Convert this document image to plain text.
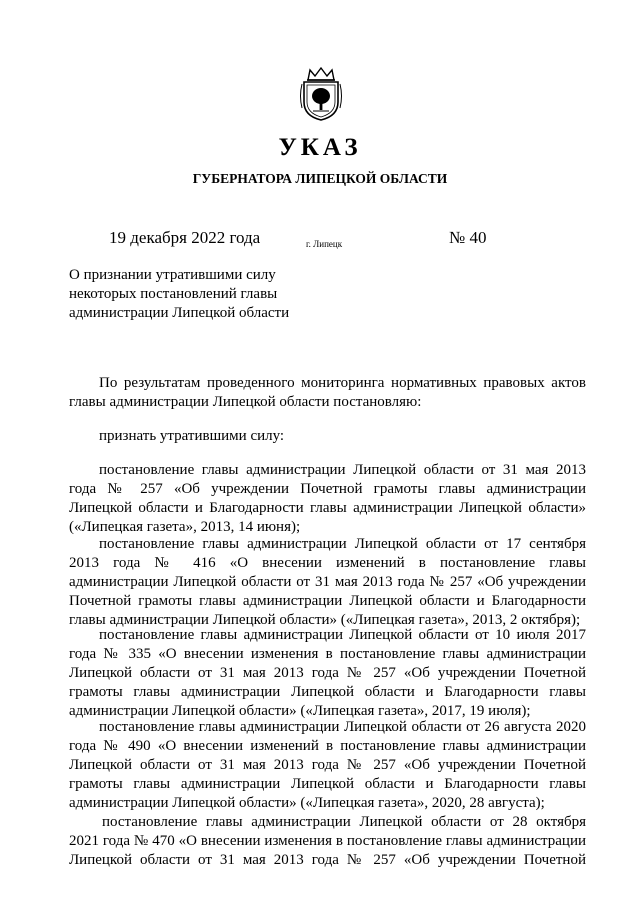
УКАЗ
ГУБЕРНАТОРА ЛИПЕЦКОЙ ОБЛАСТИ
19 декабря 2022 года	г. Липецк	№ 40
О признании утратившими силу
некоторых постановлений главы
администрации Липецкой области
По результатам проведенного мониторинга нормативных правовых актов
главы администрации Липецкой области постановляю:
признать утратившими силу:
постановление главы администрации Липецкой области от 31 мая 2013
года № 257 «Об учреждении Почетной грамоты главы администрации
Липецкой области и Благодарности главы администрации Липецкой области»
(«Липецкая газета», 2013, 14 июня);
постановление главы администрации Липецкой области от 17 сентября
2013 года № 416 «О внесении изменений в постановление главы
администрации Липецкой области от 31 мая 2013 года № 257 «Об учреждении
Почетной грамоты главы администрации Липецкой области и Благодарности
главы администрации Липецкой области» («Липецкая газета», 2013, 2 октября);
постановление главы администрации Липецкой области от 10 июля 2017
года № 335 «О внесении изменения в постановление главы администрации
Липецкой области от 31 мая 2013 года № 257 «Об учреждении Почетной
грамоты главы администрации Липецкой области и Благодарности главы
администрации Липецкой области» («Липецкая газета», 2017, 19 июля);
постановление главы администрации Липецкой области от 26 августа 2020
года № 490 «О внесении изменений в постановление главы администрации
Липецкой области от 31 мая 2013 года № 257 «Об учреждении Почетной
грамоты главы администрации Липецкой области и Благодарности главы
администрации Липецкой области» («Липецкая газета», 2020, 28 августа);
постановление главы администрации Липецкой области от 28 октября
2021 года № 470 «О внесении изменения в постановление главы администрации
Липецкой области от 31 мая 2013 года № 257 «Об учреждении Почетной
